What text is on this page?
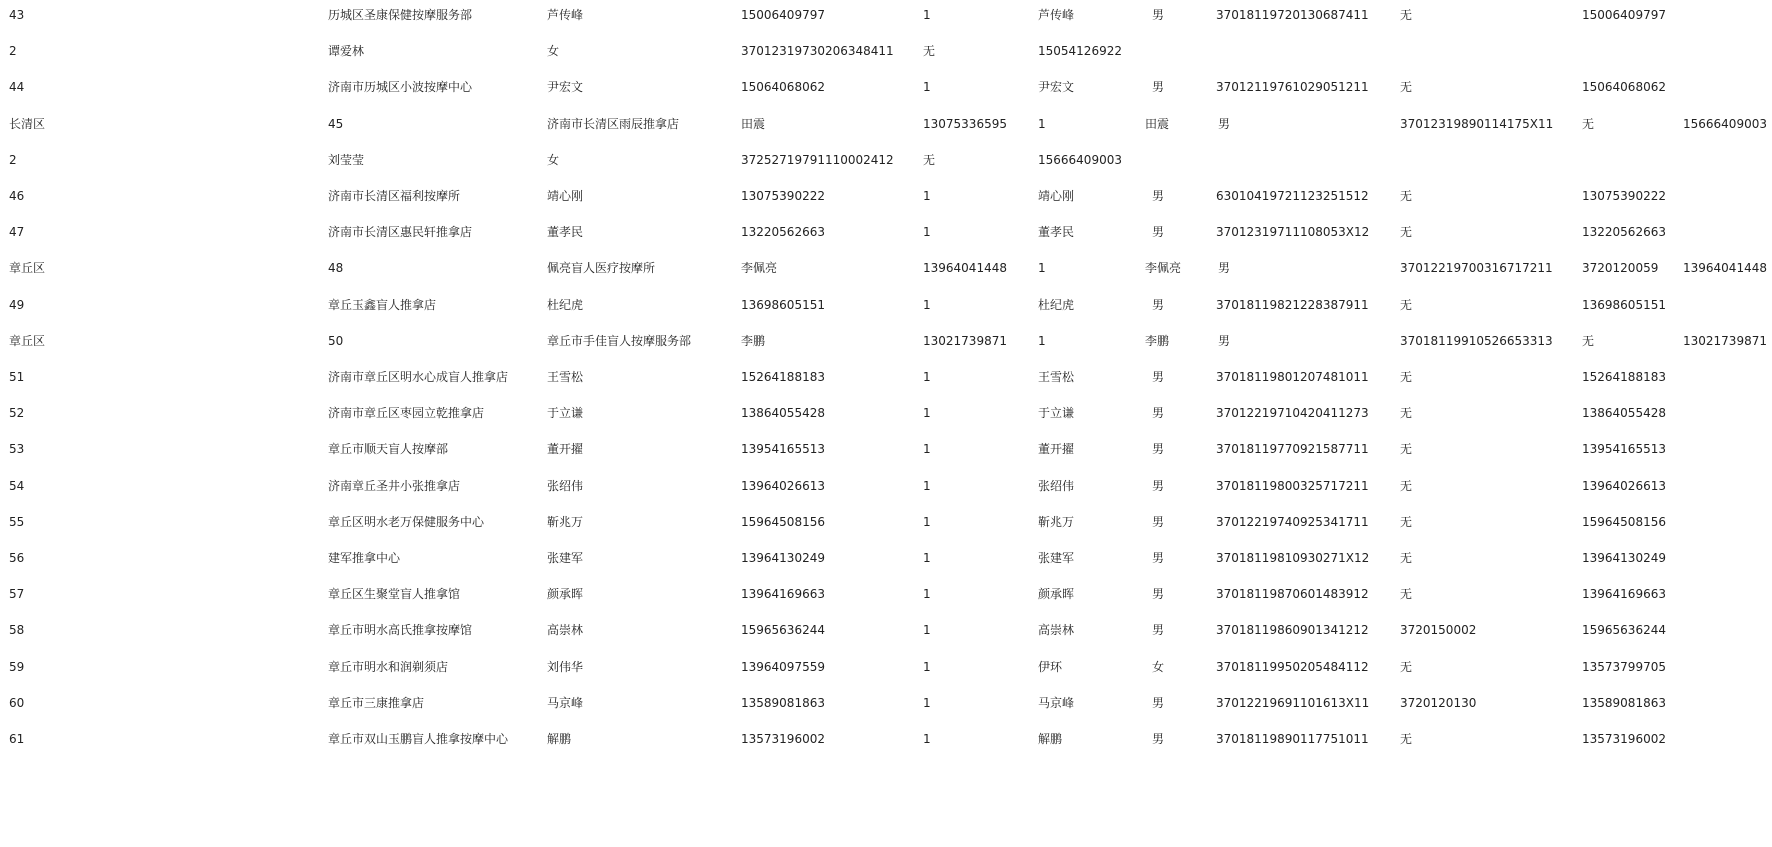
43	历城区圣康保健按摩服务部	芦传峰	15006409797	1	芦传峰	男	37018119720130687411	无	15006409797
2	谭爱林	女	37012319730206348411	无	15054126922
44	济南市历城区小波按摩中心	尹宏文	15064068062	1	尹宏文	男	37012119761029051211	无	15064068062
长清区	45	济南市长清区雨辰推拿店	田震	13075336595	1	田震	男	37012319890114175X11	无	15666409003
2	刘莹莹	女	37252719791110002412	无	15666409003
46	济南市长清区福利按摩所	靖心刚	13075390222	1	靖心刚	男	63010419721123251512	无	13075390222
47	济南市长清区惠民轩推拿店	董孝民	13220562663	1	董孝民	男	37012319711108053X12	无	13220562663
章丘区	48	佩亮盲人医疗按摩所	李佩亮	13964041448	1	李佩亮	男	37012219700316717211	3720120059	13964041448
49	章丘玉鑫盲人推拿店	杜纪虎	13698605151	1	杜纪虎	男	37018119821228387911	无	13698605151
章丘区	50	章丘市手佳盲人按摩服务部	李鹏	13021739871	1	李鹏	男	37018119910526653313	无	13021739871
51	济南市章丘区明水心成盲人推拿店	王雪松	15264188183	1	王雪松	男	37018119801207481011	无	15264188183
52	济南市章丘区枣园立乾推拿店	于立谦	13864055428	1	于立谦	男	37012219710420411273	无	13864055428
53	章丘市顺天盲人按摩部	董开擢	13954165513	1	董开擢	男	37018119770921587711	无	13954165513
54	济南章丘圣井小张推拿店	张绍伟	13964026613	1	张绍伟	男	37018119800325717211	无	13964026613
55	章丘区明水老万保健服务中心	靳兆万	15964508156	1	靳兆万	男	37012219740925341711	无	15964508156
56	建军推拿中心	张建军	13964130249	1	张建军	男	37018119810930271X12	无	13964130249
57	章丘区生聚堂盲人推拿馆	颜承晖	13964169663	1	颜承晖	男	37018119870601483912	无	13964169663
58	章丘市明水高氏推拿按摩馆	高崇林	15965636244	1	高崇林	男	37018119860901341212	3720150002	15965636244
59	章丘市明水和润剃须店	刘伟华	13964097559	1	伊环	女	37018119950205484112	无	13573799705
60	章丘市三康推拿店	马京峰	13589081863	1	马京峰	男	37012219691101613X11	3720120130	13589081863
61	章丘市双山玉鹏盲人推拿按摩中心	解鹏	13573196002	1	解鹏	男	37018119890117751011	无	13573196002
